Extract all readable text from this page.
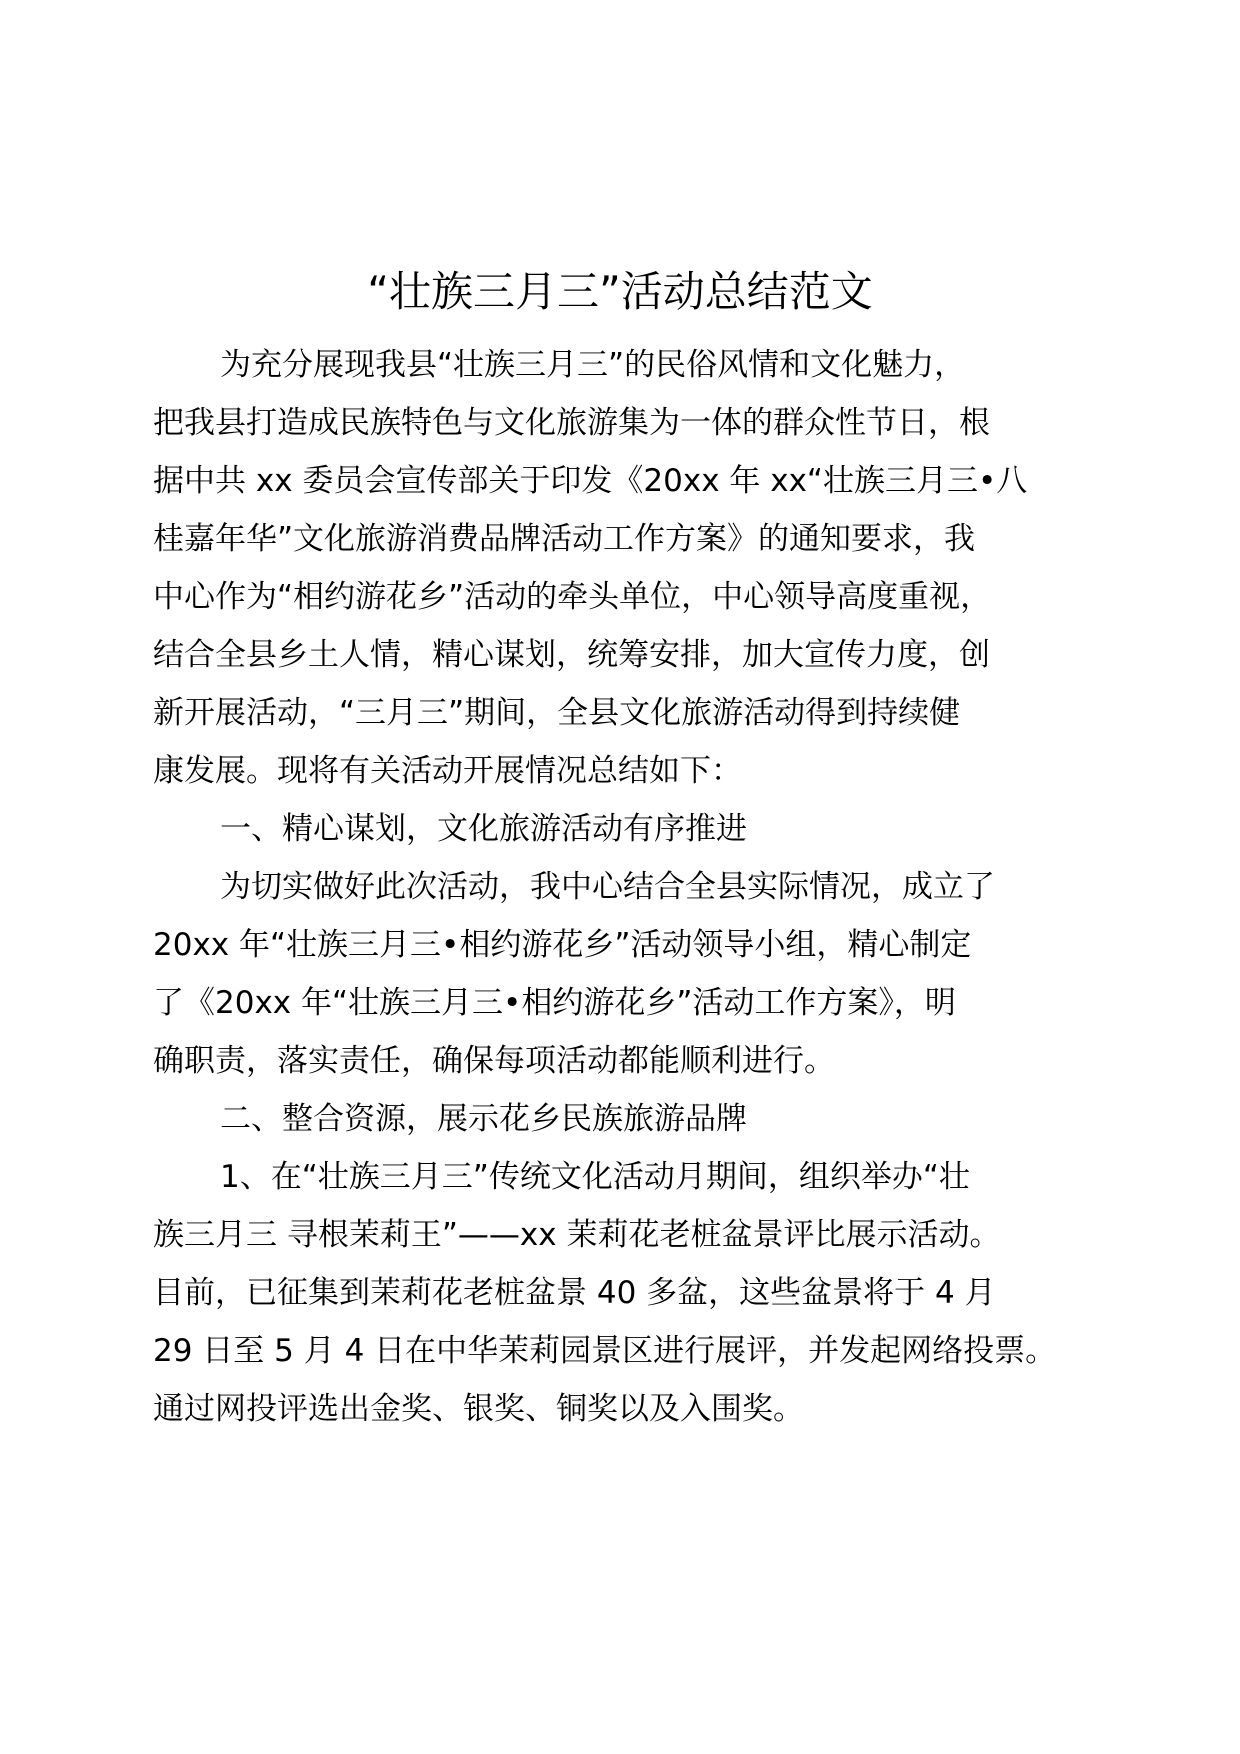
“壮族三月三”活动总结范文
为充分展现我县“壮族三月三”的民俗风情和文化魅力，
把我县打造成民族特色与文化旅游集为一体的群众性节日，根
据中共 xx 委员会宣传部关于印发《20xx 年 xx“壮族三月三•八
桂嘉年华”文化旅游消费品牌活动工作方案》的通知要求，我
中心作为“相约游花乡”活动的牵头单位，中心领导高度重视，
结合全县乡土人情，精心谋划，统筹安排，加大宣传力度，创
新开展活动，“三月三”期间，全县文化旅游活动得到持续健
康发展。现将有关活动开展情况总结如下：
一、精心谋划，文化旅游活动有序推进
为切实做好此次活动，我中心结合全县实际情况，成立了
20xx 年“壮族三月三•相约游花乡”活动领导小组，精心制定
了《20xx 年“壮族三月三•相约游花乡”活动工作方案》，明
确职责，落实责任，确保每项活动都能顺利进行。
二、整合资源，展示花乡民族旅游品牌
1、在“壮族三月三”传统文化活动月期间，组织举办“壮
族三月三 寻根茉莉王”——xx 茉莉花老桩盆景评比展示活动。
目前，已征集到茉莉花老桩盆景 40 多盆，这些盆景将于 4 月
29 日至 5 月 4 日在中华茉莉园景区进行展评，并发起网络投票。
通过网投评选出金奖、银奖、铜奖以及入围奖。
